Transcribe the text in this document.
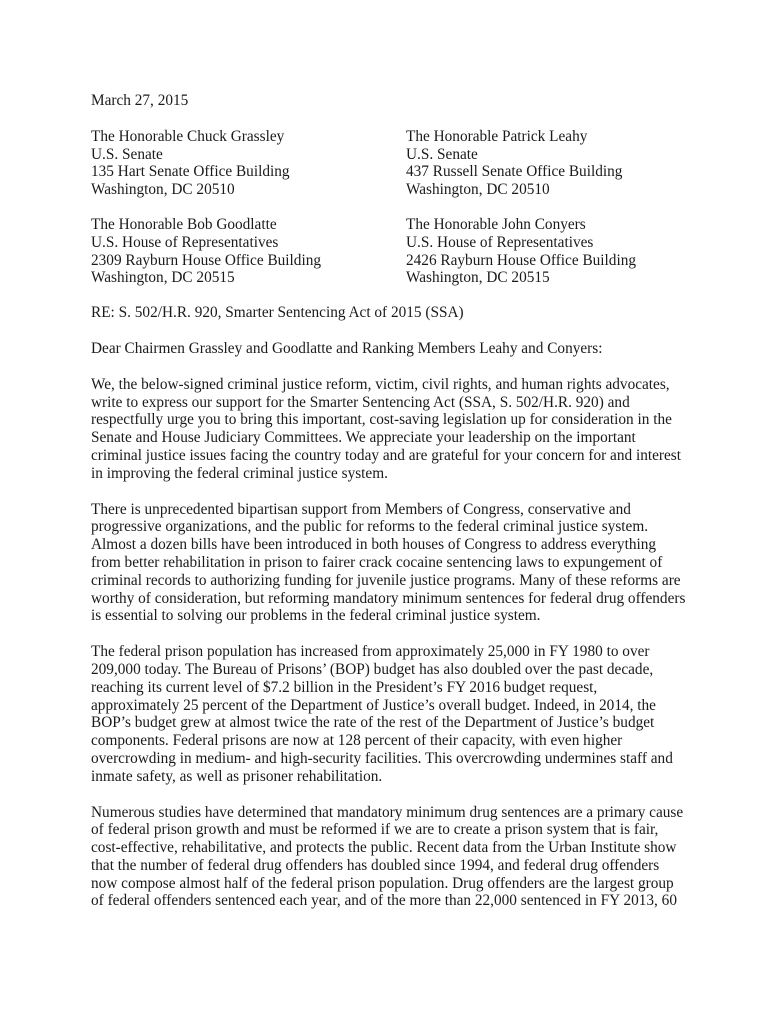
March 27, 2015
The Honorable Chuck Grassley
U.S. Senate
135 Hart Senate Office Building
Washington, DC 20510
The Honorable Patrick Leahy
U.S. Senate
437 Russell Senate Office Building
Washington, DC 20510
The Honorable Bob Goodlatte
U.S. House of Representatives
2309 Rayburn House Office Building
Washington, DC 20515
The Honorable John Conyers
U.S. House of Representatives
2426 Rayburn House Office Building
Washington, DC 20515
RE: S. 502/H.R. 920, Smarter Sentencing Act of 2015 (SSA)
Dear Chairmen Grassley and Goodlatte and Ranking Members Leahy and Conyers:
We, the below-signed criminal justice reform, victim, civil rights, and human rights advocates,
write to express our support for the Smarter Sentencing Act (SSA, S. 502/H.R. 920) and
respectfully urge you to bring this important, cost-saving legislation up for consideration in the
Senate and House Judiciary Committees. We appreciate your leadership on the important
criminal justice issues facing the country today and are grateful for your concern for and interest
in improving the federal criminal justice system.
There is unprecedented bipartisan support from Members of Congress, conservative and
progressive organizations, and the public for reforms to the federal criminal justice system.
Almost a dozen bills have been introduced in both houses of Congress to address everything
from better rehabilitation in prison to fairer crack cocaine sentencing laws to expungement of
criminal records to authorizing funding for juvenile justice programs. Many of these reforms are
worthy of consideration, but reforming mandatory minimum sentences for federal drug offenders
is essential to solving our problems in the federal criminal justice system.
The federal prison population has increased from approximately 25,000 in FY 1980 to over
209,000 today. The Bureau of Prisons’ (BOP) budget has also doubled over the past decade,
reaching its current level of $7.2 billion in the President’s FY 2016 budget request,
approximately 25 percent of the Department of Justice’s overall budget. Indeed, in 2014, the
BOP’s budget grew at almost twice the rate of the rest of the Department of Justice’s budget
components. Federal prisons are now at 128 percent of their capacity, with even higher
overcrowding in medium- and high-security facilities. This overcrowding undermines staff and
inmate safety, as well as prisoner rehabilitation.
Numerous studies have determined that mandatory minimum drug sentences are a primary cause
of federal prison growth and must be reformed if we are to create a prison system that is fair,
cost-effective, rehabilitative, and protects the public. Recent data from the Urban Institute show
that the number of federal drug offenders has doubled since 1994, and federal drug offenders
now compose almost half of the federal prison population. Drug offenders are the largest group
of federal offenders sentenced each year, and of the more than 22,000 sentenced in FY 2013, 60
